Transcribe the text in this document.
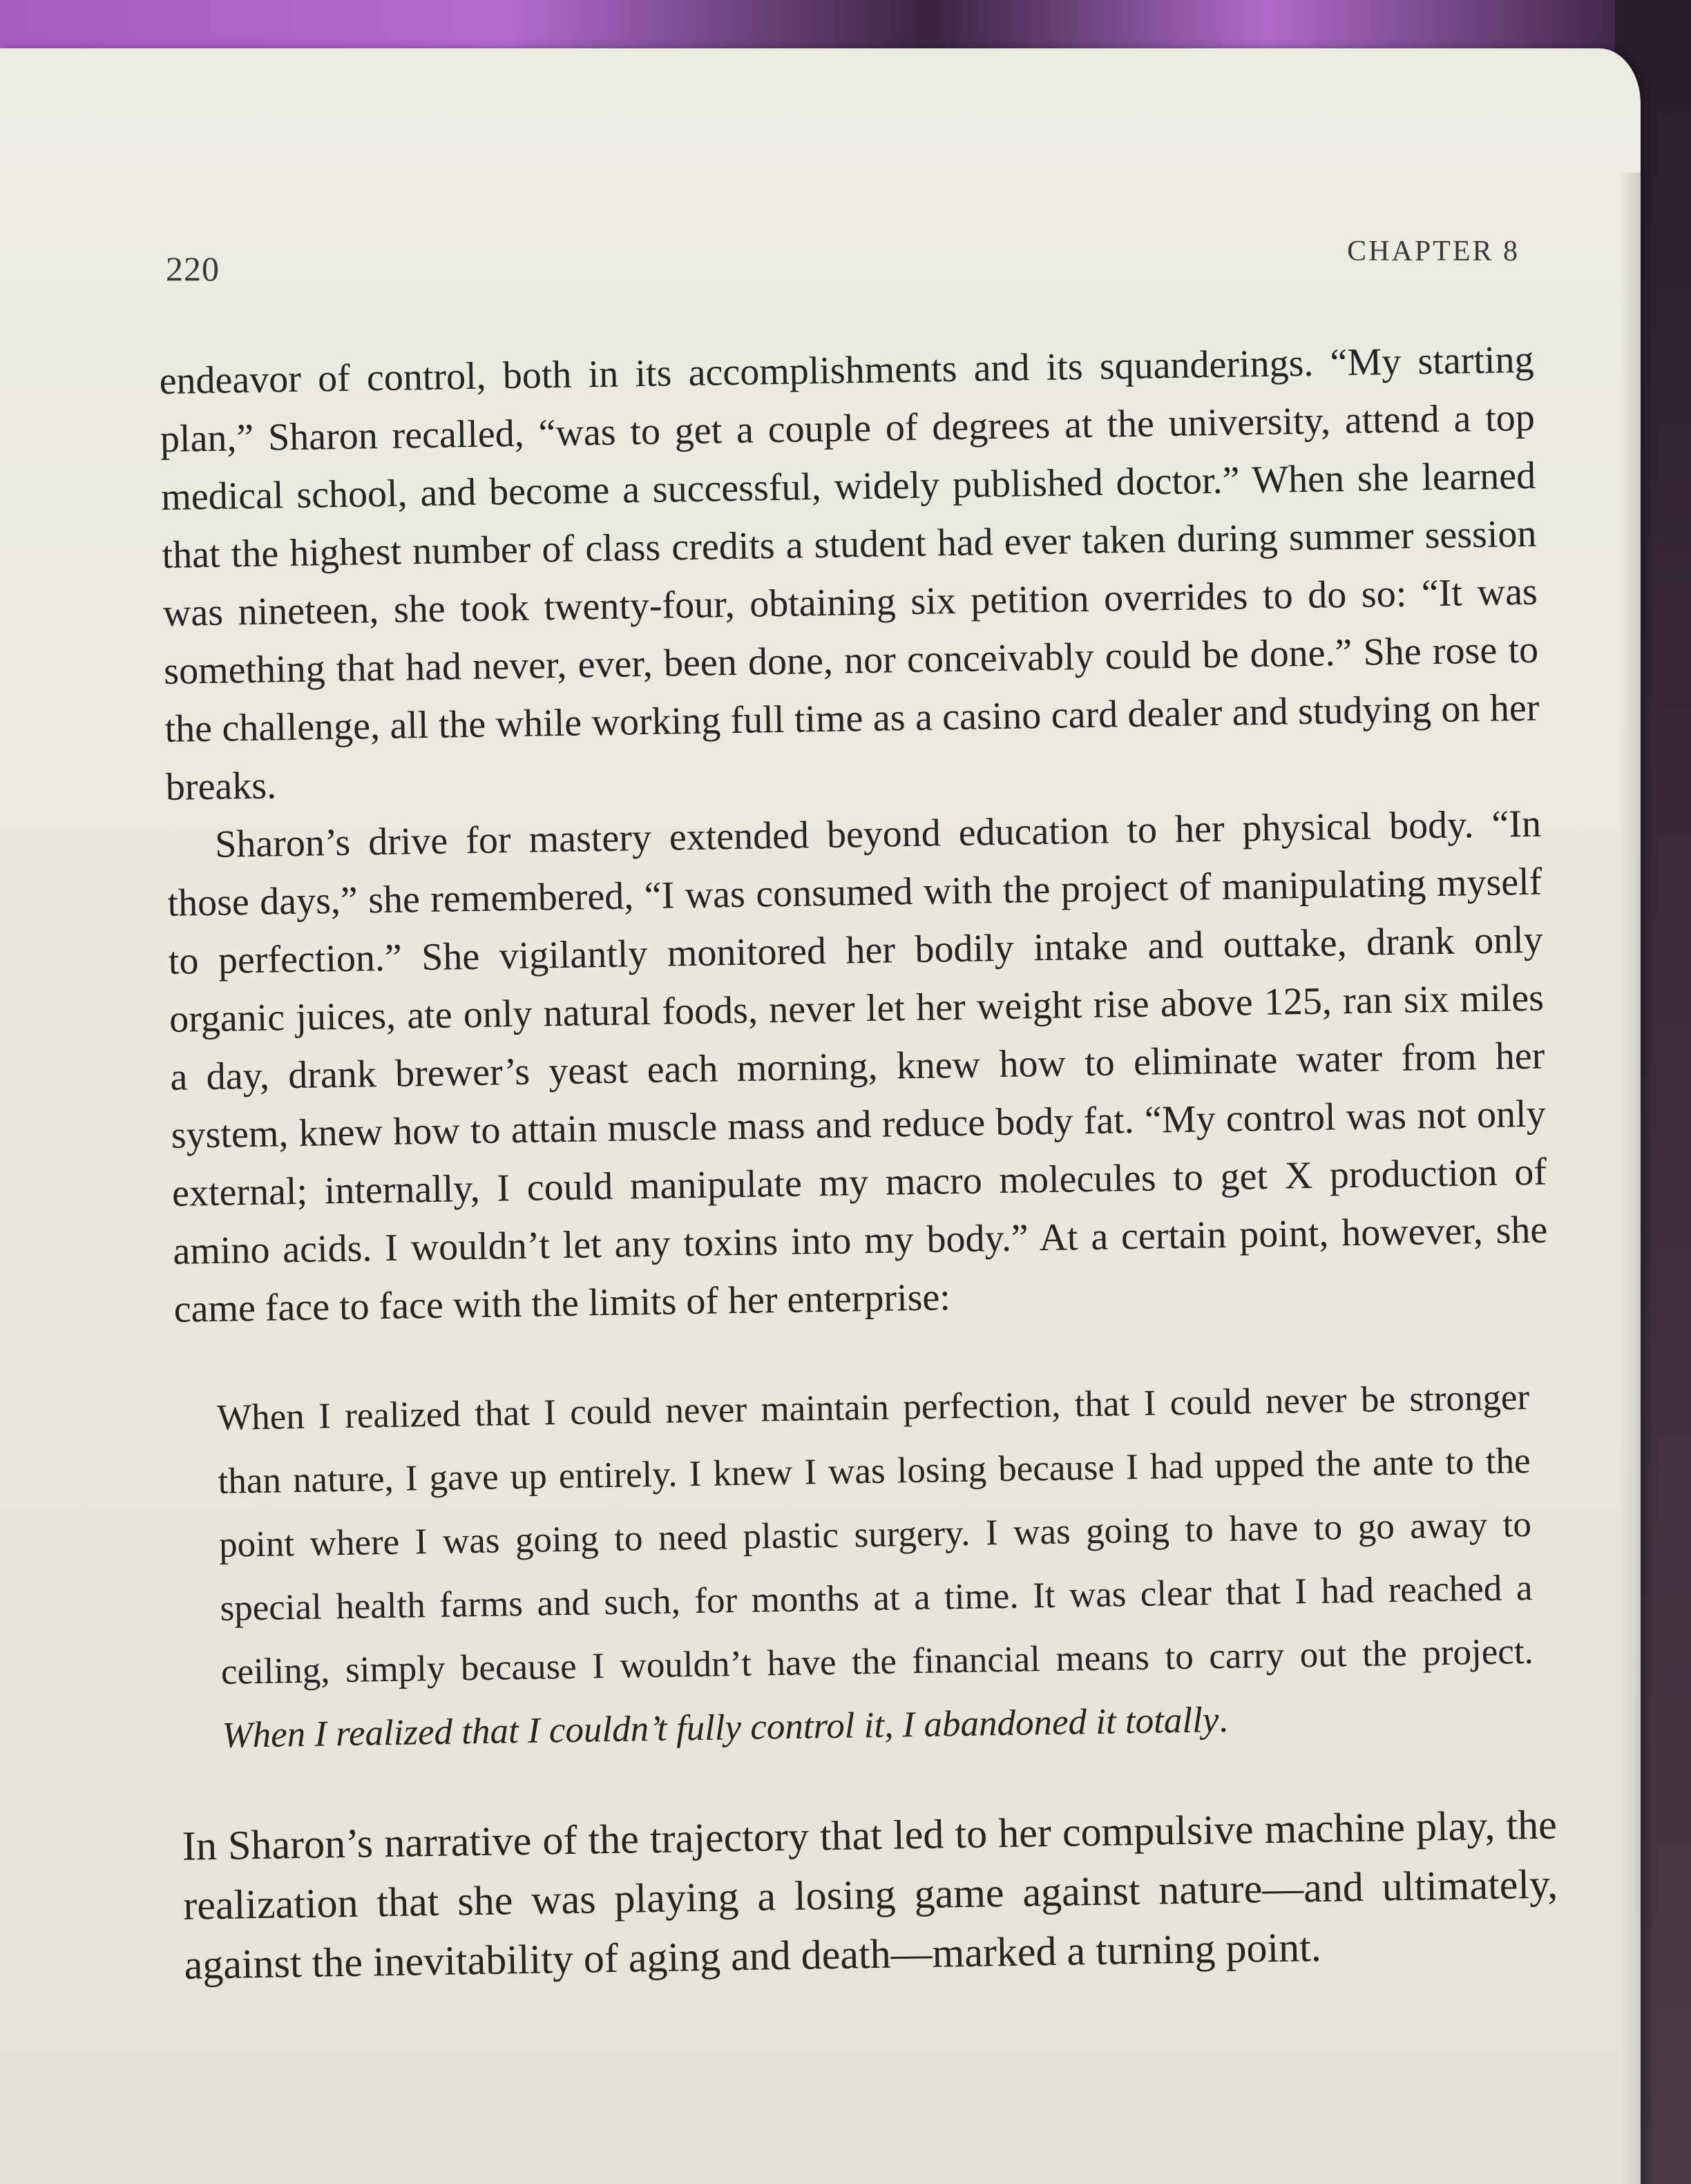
220	CHAPTER 8

endeavor of control, both in its accomplishments and its squanderings. “My starting plan,” Sharon recalled, “was to get a couple of degrees at the university, attend a top medical school, and become a successful, widely published doctor.” When she learned that the highest number of class credits a student had ever taken during summer session was nineteen, she took twenty-four, obtaining six petition overrides to do so: “It was something that had never, ever, been done, nor conceivably could be done.” She rose to the challenge, all the while working full time as a casino card dealer and studying on her breaks.

Sharon’s drive for mastery extended beyond education to her physical body. “In those days,” she remembered, “I was consumed with the project of manipulating myself to perfection.” She vigilantly monitored her bodily intake and outtake, drank only organic juices, ate only natural foods, never let her weight rise above 125, ran six miles a day, drank brewer’s yeast each morning, knew how to eliminate water from her system, knew how to attain muscle mass and reduce body fat. “My control was not only external; internally, I could manipulate my macro molecules to get X production of amino acids. I wouldn’t let any toxins into my body.” At a certain point, however, she came face to face with the limits of her enterprise:

When I realized that I could never maintain perfection, that I could never be stronger than nature, I gave up entirely. I knew I was losing because I had upped the ante to the point where I was going to need plastic surgery. I was going to have to go away to special health farms and such, for months at a time. It was clear that I had reached a ceiling, simply because I wouldn’t have the financial means to carry out the project. When I realized that I couldn’t fully control it, I abandoned it totally.

In Sharon’s narrative of the trajectory that led to her compulsive machine play, the realization that she was playing a losing game against nature—and ultimately, against the inevitability of aging and death—marked a turning point.
